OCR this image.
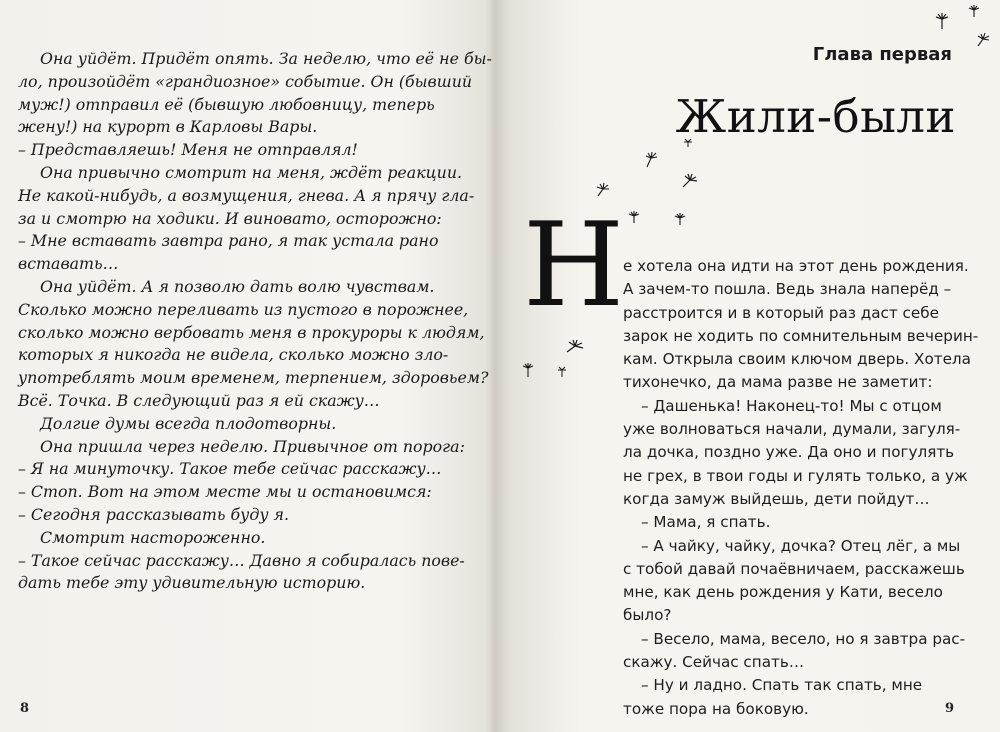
Она уйдёт. Придёт опять. За неделю, что её не бы-

ло, произойдёт «грандиозное» событие. Он (бывший

муж!) отправил её (бывшую любовницу, теперь

жену!) на курорт в Карловы Вары.

– Представляешь! Меня не отправлял!

Она привычно смотрит на меня, ждёт реакции.

Не какой-нибудь, а возмущения, гнева. А я прячу гла-

за и смотрю на ходики. И виновато, осторожно:

– Мне вставать завтра рано, я так устала рано

вставать…

Она уйдёт. А я позволю дать волю чувствам.

Сколько можно переливать из пустого в порожнее,

сколько можно вербовать меня в прокуроры к людям,

которых я никогда не видела, сколько можно зло-

употреблять моим временем, терпением, здоровьем?

Всё. Точка. В следующий раз я ей скажу…

Долгие думы всегда плодотворны.

Она пришла через неделю. Привычное от порога:

– Я на минуточку. Такое тебе сейчас расскажу…

– Стоп. Вот на этом месте мы и остановимся:

– Сегодня рассказывать буду я.

Смотрит настороженно.

– Такое сейчас расскажу… Давно я собиралась пове-

дать тебе эту удивительную историю.

8
Глава первая
Жили-были
Н

е хотела она идти на этот день рождения.

А зачем-то пошла. Ведь знала наперёд –

расстроится и в который раз даст себе

зарок не ходить по сомнительным вечерин-

кам. Открыла своим ключом дверь. Хотела

тихонечко, да мама разве не заметит:

– Дашенька! Наконец-то! Мы с отцом

уже волноваться начали, думали, загуля-

ла дочка, поздно уже. Да оно и погулять

не грех, в твои годы и гулять только, а уж

когда замуж выйдешь, дети пойдут…

– Мама, я спать.

– А чайку, чайку, дочка? Отец лёг, а мы

с тобой давай почаёвничаем, расскажешь

мне, как день рождения у Кати, весело

было?

– Весело, мама, весело, но я завтра рас-

скажу. Сейчас спать…

– Ну и ладно. Спать так спать, мне

тоже пора на боковую.	9
